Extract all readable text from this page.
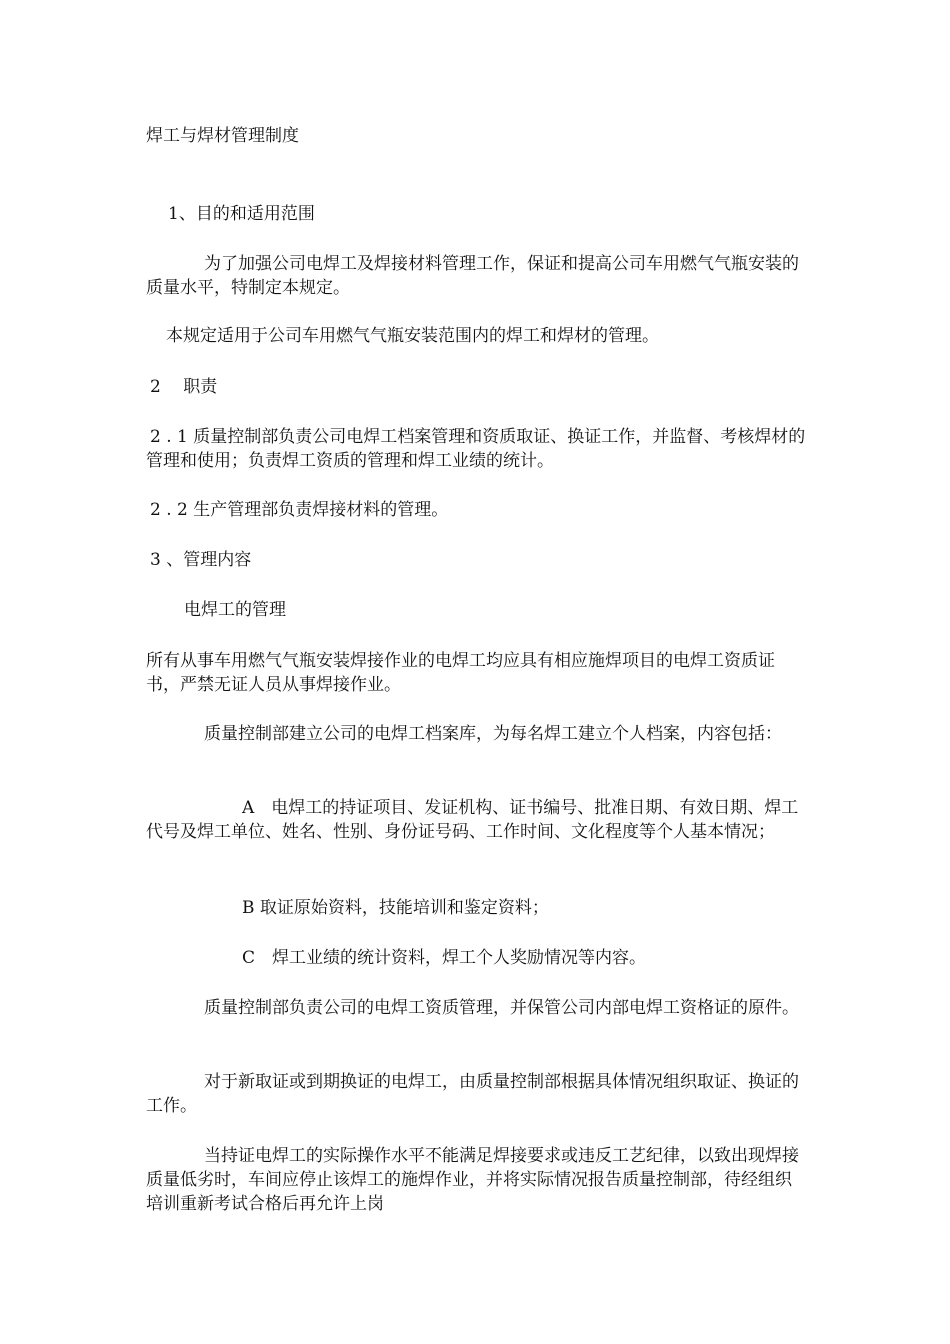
焊工与焊材管理制度

1、目的和适用范围

为了加强公司电焊工及焊接材料管理工作，保证和提高公司车用燃气气瓶安装的质量水平，特制定本规定。

本规定适用于公司车用燃气气瓶安装范围内的焊工和焊材的管理。

2　 职责

2 . 1 质量控制部负责公司电焊工档案管理和资质取证、换证工作，并监督、考核焊材的管理和使用；负责焊工资质的管理和焊工业绩的统计。

2 . 2 生产管理部负责焊接材料的管理。

3 、管理内容

电焊工的管理

所有从事车用燃气气瓶安装焊接作业的电焊工均应具有相应施焊项目的电焊工资质证书，严禁无证人员从事焊接作业。

质量控制部建立公司的电焊工档案库，为每名焊工建立个人档案，内容包括：

A　电焊工的持证项目、发证机构、证书编号、批准日期、有效日期、焊工代号及焊工单位、姓名、性别、身份证号码、工作时间、文化程度等个人基本情况；

B 取证原始资料，技能培训和鉴定资料；

C　焊工业绩的统计资料，焊工个人奖励情况等内容。

质量控制部负责公司的电焊工资质管理，并保管公司内部电焊工资格证的原件。

对于新取证或到期换证的电焊工，由质量控制部根据具体情况组织取证、换证的工作。

当持证电焊工的实际操作水平不能满足焊接要求或违反工艺纪律，以致出现焊接质量低劣时，车间应停止该焊工的施焊作业，并将实际情况报告质量控制部，待经组织培训重新考试合格后再允许上岗
